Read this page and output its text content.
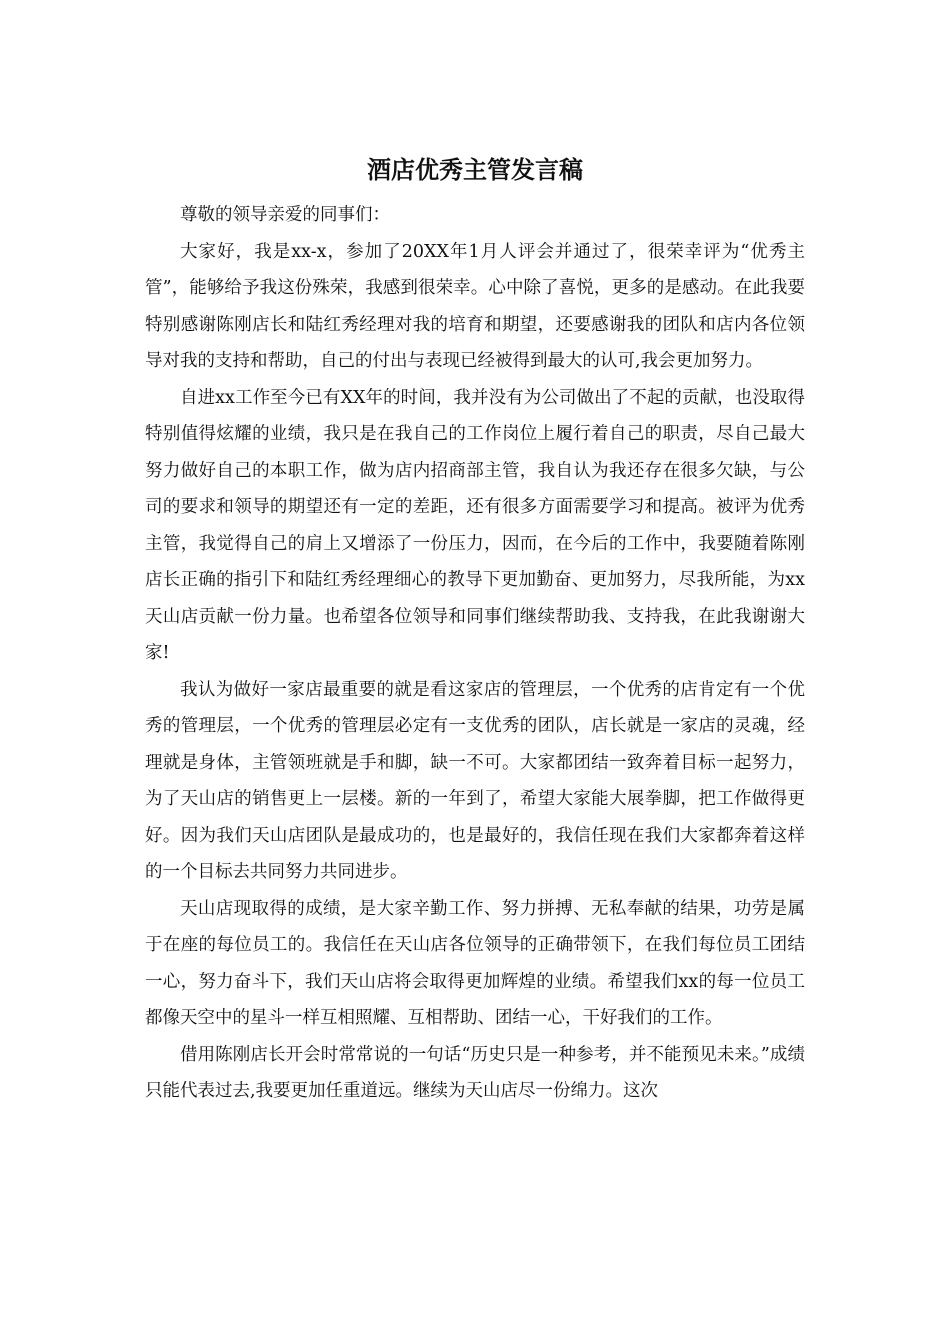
酒店优秀主管发言稿

尊敬的领导亲爱的同事们：

大家好，我是xx-x，参加了20XX年1月人评会并通过了，很荣幸评为“优秀主管”，能够给予我这份殊荣，我感到很荣幸。心中除了喜悦，更多的是感动。在此我要特别感谢陈刚店长和陆红秀经理对我的培育和期望，还要感谢我的团队和店内各位领导对我的支持和帮助，自己的付出与表现已经被得到最大的认可,我会更加努力。

自进xx工作至今已有XX年的时间，我并没有为公司做出了不起的贡献，也没取得特别值得炫耀的业绩，我只是在我自己的工作岗位上履行着自己的职责，尽自己最大努力做好自己的本职工作，做为店内招商部主管，我自认为我还存在很多欠缺，与公司的要求和领导的期望还有一定的差距，还有很多方面需要学习和提高。被评为优秀主管，我觉得自己的肩上又增添了一份压力，因而，在今后的工作中，我要随着陈刚店长正确的指引下和陆红秀经理细心的教导下更加勤奋、更加努力，尽我所能，为xx天山店贡献一份力量。也希望各位领导和同事们继续帮助我、支持我，在此我谢谢大家!

我认为做好一家店最重要的就是看这家店的管理层，一个优秀的店肯定有一个优秀的管理层，一个优秀的管理层必定有一支优秀的团队，店长就是一家店的灵魂，经理就是身体，主管领班就是手和脚，缺一不可。大家都团结一致奔着目标一起努力，为了天山店的销售更上一层楼。新的一年到了，希望大家能大展拳脚，把工作做得更好。因为我们天山店团队是最成功的，也是最好的，我信任现在我们大家都奔着这样的一个目标去共同努力共同进步。

天山店现取得的成绩，是大家辛勤工作、努力拼搏、无私奉献的结果，功劳是属于在座的每位员工的。我信任在天山店各位领导的正确带领下，在我们每位员工团结一心，努力奋斗下，我们天山店将会取得更加辉煌的业绩。希望我们xx的每一位员工都像天空中的星斗一样互相照耀、互相帮助、团结一心，干好我们的工作。

借用陈刚店长开会时常常说的一句话“历史只是一种参考，并不能预见未来。”成绩只能代表过去,我要更加任重道远。继续为天山店尽一份绵力。这次
